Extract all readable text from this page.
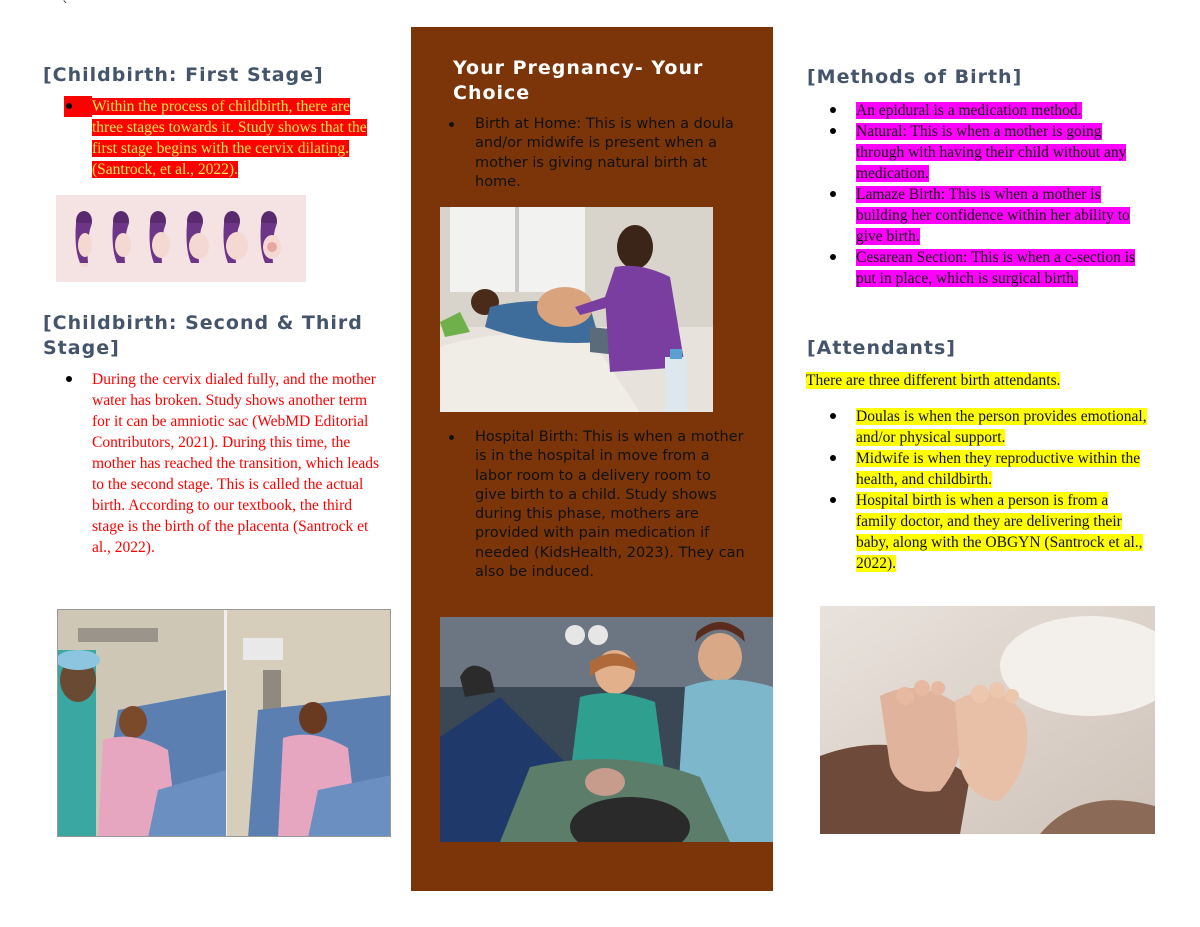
`
[Childbirth: First Stage]
Within the process of childbirth, there are three stages towards it. Study shows that the first stage begins with the cervix dilating. (Santrock, et al., 2022).
[Childbirth: Second & Third Stage]
During the cervix dialed fully, and the mother water has broken. Study shows another term for it can be amniotic sac (WebMD Editorial Contributors, 2021). During this time, the mother has reached the transition, which leads to the second stage. This is called the actual birth. According to our textbook, the third stage is the birth of the placenta (Santrock et al., 2022).
Your Pregnancy- Your Choice
Birth at Home: This is when a doula and/or midwife is present when a mother is giving natural birth at home.
Hospital Birth: This is when a mother is in the hospital in move from a labor room to a delivery room to give birth to a child. Study shows during this phase, mothers are provided with pain medication if needed (KidsHealth, 2023). They can also be induced.
[Methods of Birth]
An epidural is a medication method.
Natural: This is when a mother is going through with having their child without any medication.
Lamaze Birth: This is when a mother is building her confidence within her ability to give birth.
Cesarean Section: This is when a c-section is put in place, which is surgical birth.
[Attendants]

There are three different birth attendants.

Doulas is when the person provides emotional, and/or physical support.
Midwife is when they reproductive within the health, and childbirth.
Hospital birth is when a person is from a family doctor, and they are delivering their baby, along with the OBGYN (Santrock et al., 2022).
